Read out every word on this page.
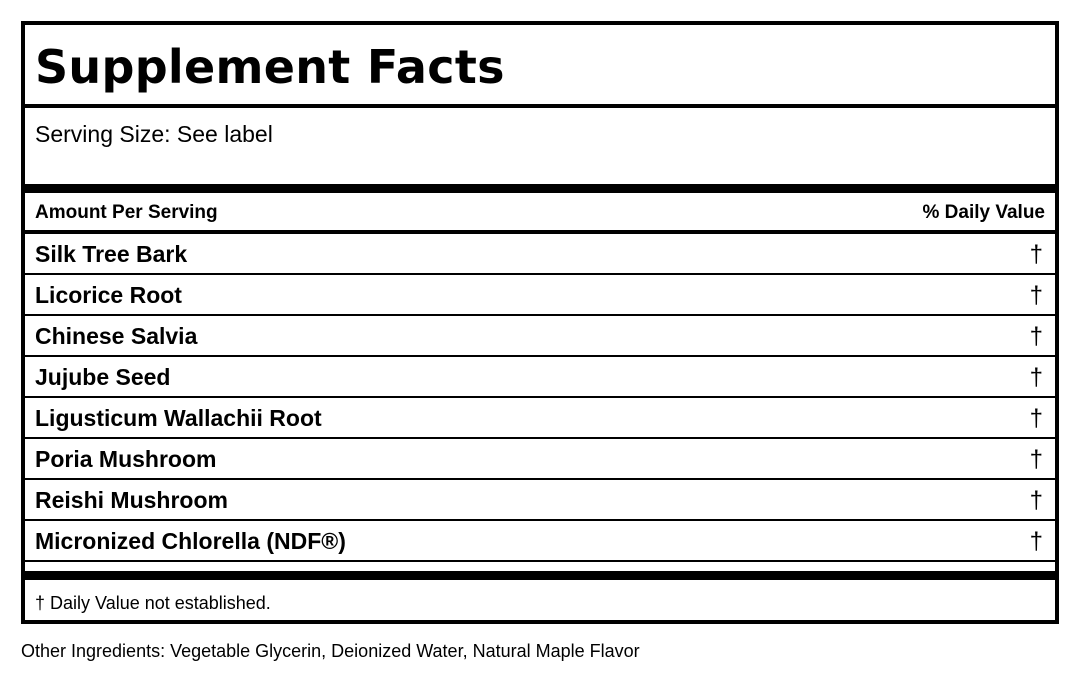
Supplement Facts
Serving Size: See label
Amount Per Serving	% Daily Value
Silk Tree Bark	†
Licorice Root	†
Chinese Salvia	†
Jujube Seed	†
Ligusticum Wallachii Root	†
Poria Mushroom	†
Reishi Mushroom	†
Micronized Chlorella (NDF®)	†
† Daily Value not established.
Other Ingredients: Vegetable Glycerin, Deionized Water, Natural Maple Flavor
